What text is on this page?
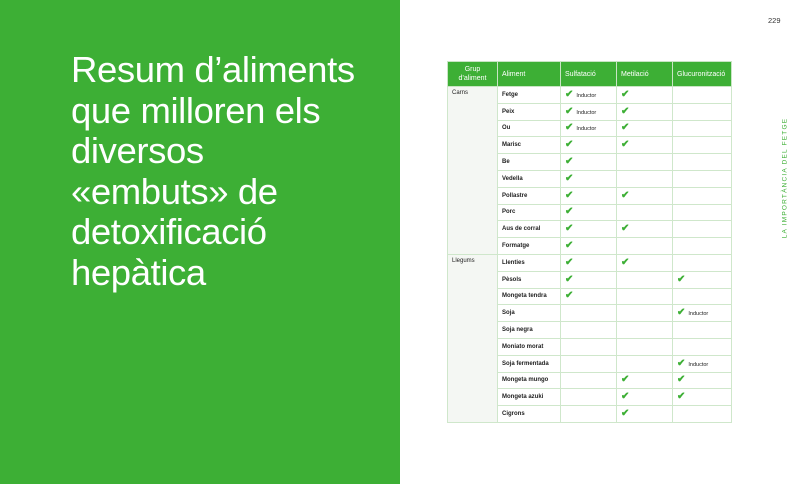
Resum d’aliments
que milloren els
diversos
«embuts» de
detoxificació
hepàtica
229
LA IMPORTÀNCIA DEL FETGE
Grup d’aliment	Aliment	Sulfatació	Metilació	Glucuronització
Carns	Fetge	✔ Inductor	✔	
	Peix	✔ Inductor	✔	
	Ou	✔ Inductor	✔	
	Marisc	✔	✔	
	Be	✔		
	Vedella	✔		
	Pollastre	✔	✔	
	Porc	✔		
	Aus de corral	✔	✔	
	Formatge	✔		
Llegums	Llenties	✔	✔	
	Pèsols	✔		✔
	Mongeta tendra	✔		
	Soja			✔ Inductor
	Soja negra			
	Moniato morat			
	Soja fermentada			✔ Inductor
	Mongeta mungo		✔	✔
	Mongeta azuki		✔	✔
	Cigrons		✔	
